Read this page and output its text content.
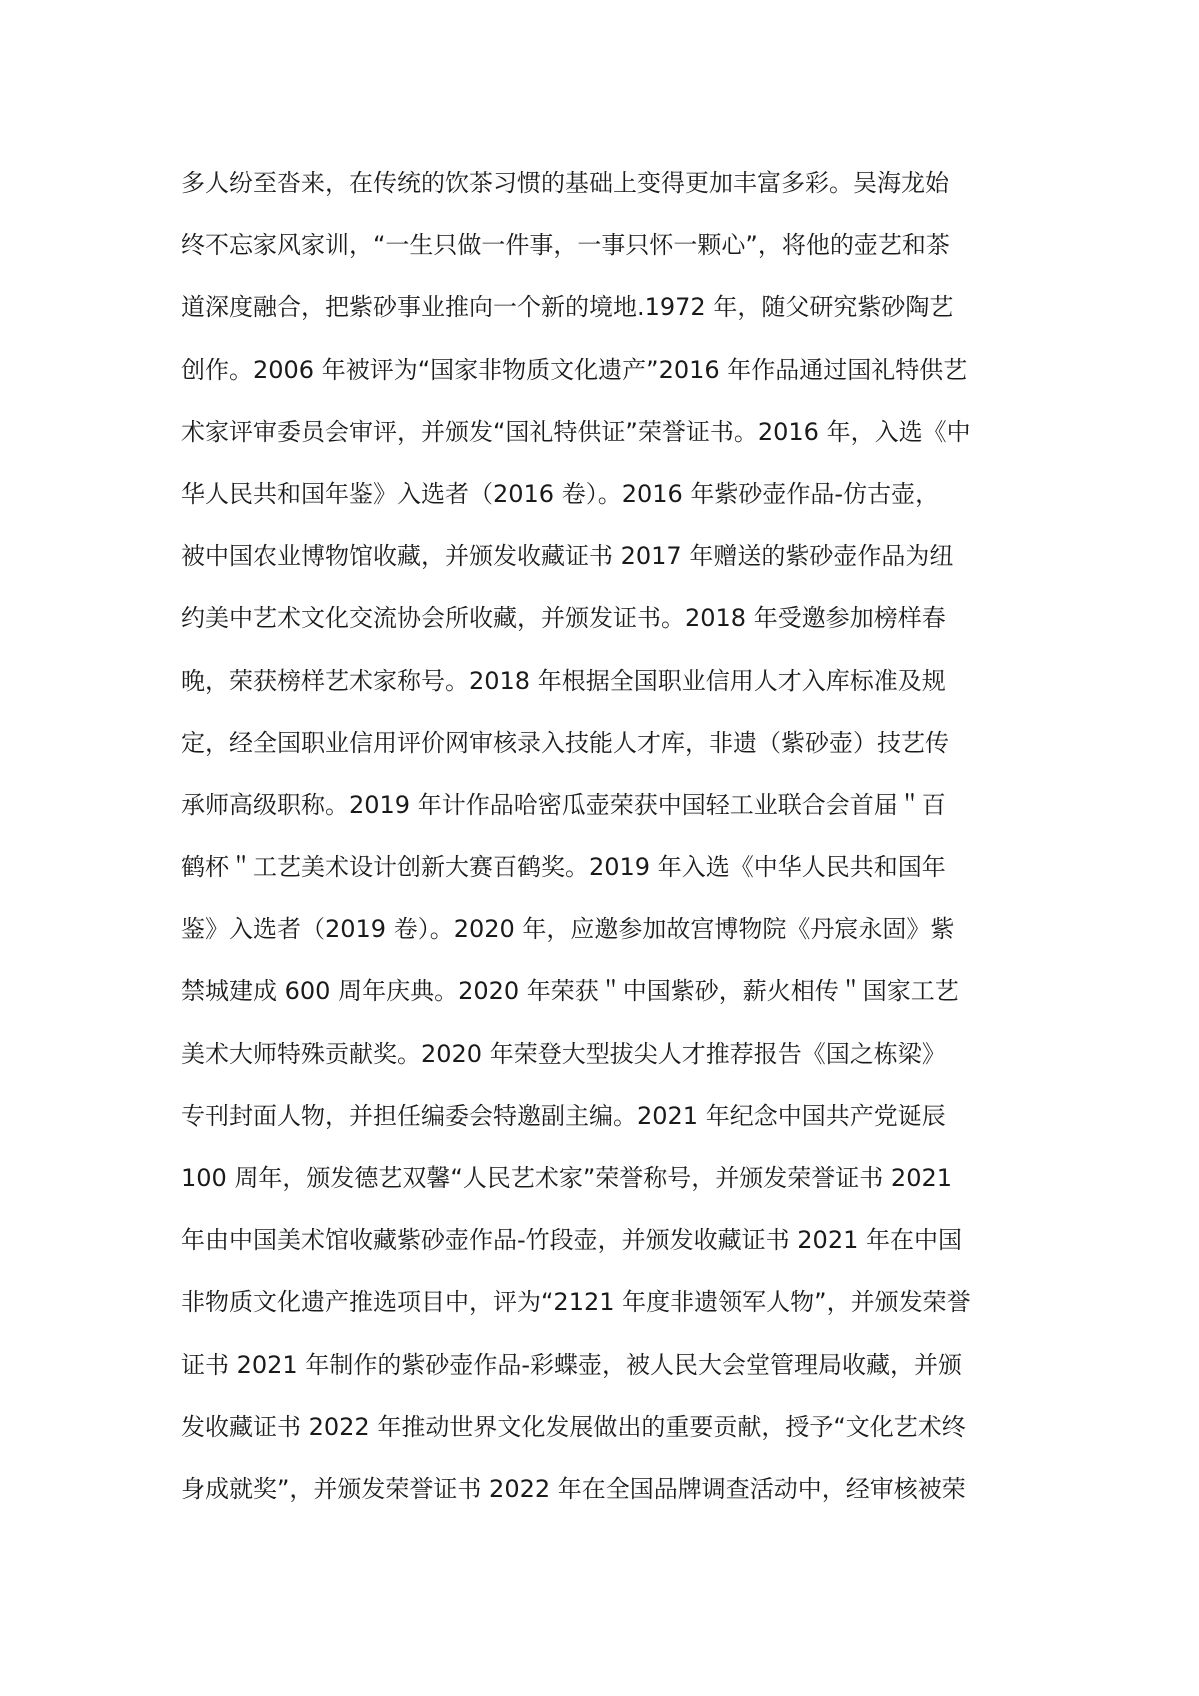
多人纷至沓来，在传统的饮茶习惯的基础上变得更加丰富多彩。吴海龙始
终不忘家风家训，“一生只做一件事，一事只怀一颗心”，将他的壶艺和茶
道深度融合，把紫砂事业推向一个新的境地.1972 年，随父研究紫砂陶艺
创作。2006 年被评为“国家非物质文化遗产”2016 年作品通过国礼特供艺
术家评审委员会审评，并颁发“国礼特供证”荣誉证书。2016 年，入选《中
华人民共和国年鉴》入选者（2016 卷）。2016 年紫砂壶作品-仿古壶，
被中国农业博物馆收藏，并颁发收藏证书 2017 年赠送的紫砂壶作品为纽
约美中艺术文化交流协会所收藏，并颁发证书。2018 年受邀参加榜样春
晚，荣获榜样艺术家称号。2018 年根据全国职业信用人才入库标准及规
定，经全国职业信用评价网审核录入技能人才库，非遗（紫砂壶）技艺传
承师高级职称。2019 年计作品哈密瓜壶荣获中国轻工业联合会首届＂百
鹤杯＂工艺美术设计创新大赛百鹤奖。2019 年入选《中华人民共和国年
鉴》入选者（2019 卷）。2020 年，应邀参加故宫博物院《丹宸永固》紫
禁城建成 600 周年庆典。2020 年荣获＂中国紫砂，薪火相传＂国家工艺
美术大师特殊贡献奖。2020 年荣登大型拔尖人才推荐报告《国之栋梁》
专刊封面人物，并担任编委会特邀副主编。2021 年纪念中国共产党诞辰
100 周年，颁发德艺双馨“人民艺术家”荣誉称号，并颁发荣誉证书 2021
年由中国美术馆收藏紫砂壶作品-竹段壶，并颁发收藏证书 2021 年在中国
非物质文化遗产推选项目中，评为“2121 年度非遗领军人物”，并颁发荣誉
证书 2021 年制作的紫砂壶作品-彩蝶壶，被人民大会堂管理局收藏，并颁
发收藏证书 2022 年推动世界文化发展做出的重要贡献，授予“文化艺术终
身成就奖”，并颁发荣誉证书 2022 年在全国品牌调查活动中，经审核被荣
